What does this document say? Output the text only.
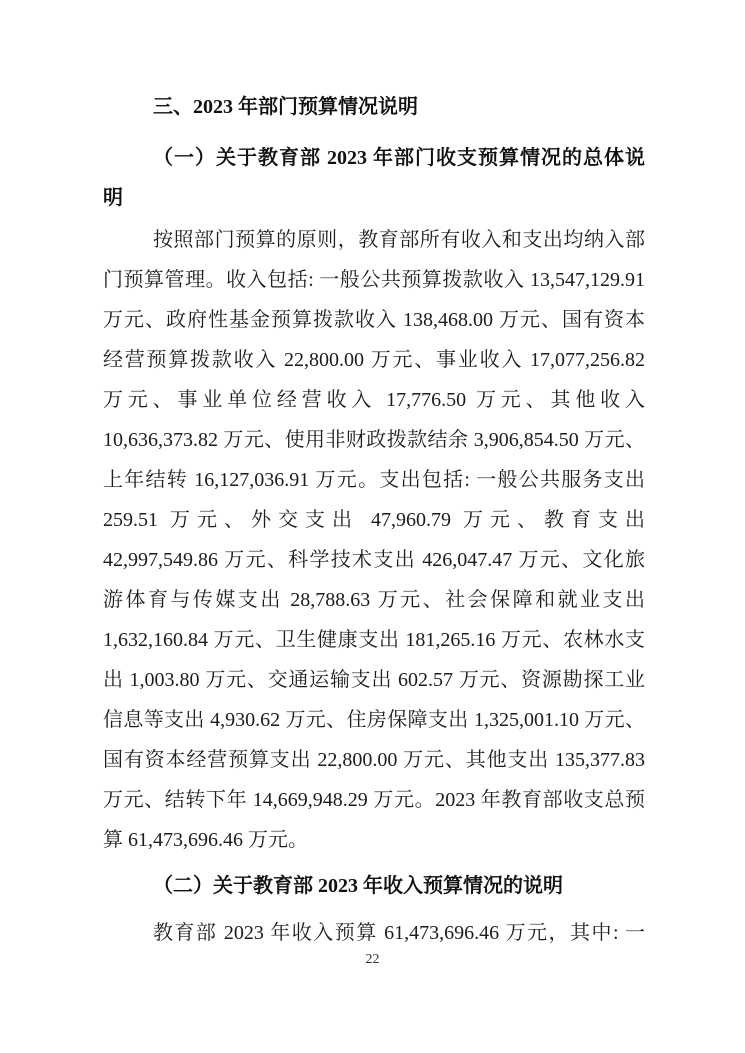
三、2023 年部门预算情况说明
（一）关于教育部 2023 年部门收支预算情况的总体说
明
按照部门预算的原则，教育部所有收入和支出均纳入部
门预算管理。收入包括: 一般公共预算拨款收入 13,547,129.91
万元、政府性基金预算拨款收入 138,468.00 万元、国有资本
经营预算拨款收入 22,800.00 万元、事业收入 17,077,256.82
万元、事业单位经营收入 17,776.50 万元、其他收入
10,636,373.82 万元、使用非财政拨款结余 3,906,854.50 万元、
上年结转 16,127,036.91 万元。支出包括: 一般公共服务支出
259.51 万元、外交支出 47,960.79 万元、教育支出
42,997,549.86 万元、科学技术支出 426,047.47 万元、文化旅
游体育与传媒支出 28,788.63 万元、社会保障和就业支出
1,632,160.84 万元、卫生健康支出 181,265.16 万元、农林水支
出 1,003.80 万元、交通运输支出 602.57 万元、资源勘探工业
信息等支出 4,930.62 万元、住房保障支出 1,325,001.10 万元、
国有资本经营预算支出 22,800.00 万元、其他支出 135,377.83
万元、结转下年 14,669,948.29 万元。2023 年教育部收支总预
算 61,473,696.46 万元。
（二）关于教育部 2023 年收入预算情况的说明
教育部 2023 年收入预算 61,473,696.46 万元，其中: 一
22
